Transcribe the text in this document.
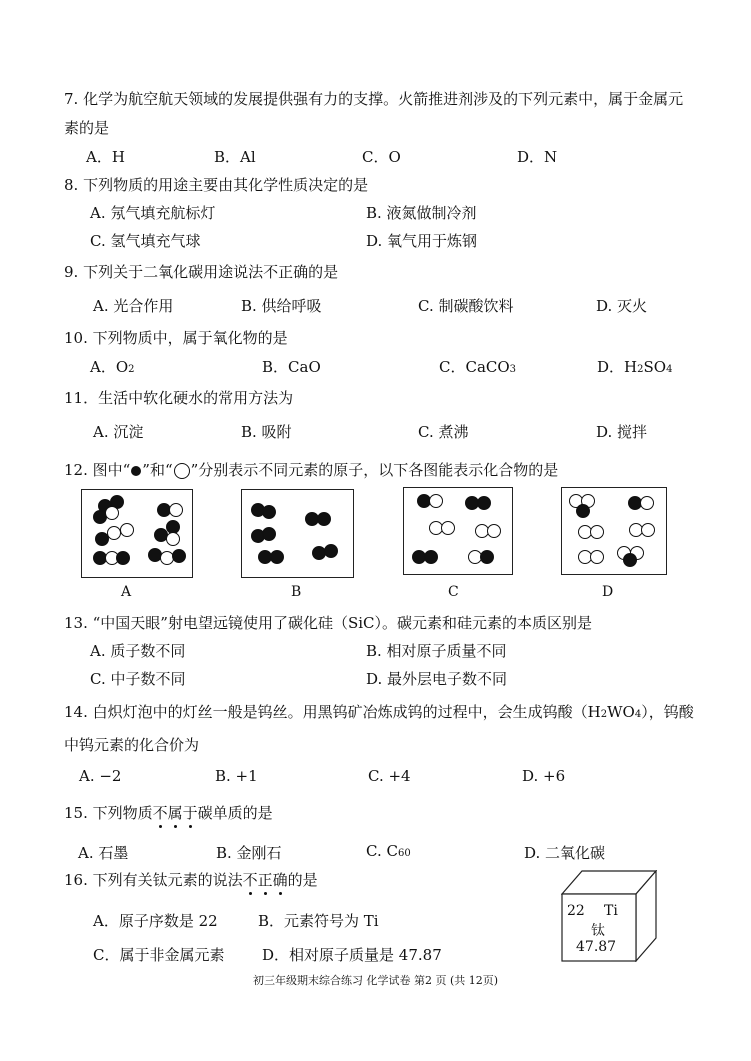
7. 化学为航空航天领域的发展提供强有力的支撑。火箭推进剂涉及的下列元素中，属于金属元
素的是
A．H	B．Al	C．O	D．N
8. 下列物质的用途主要由其化学性质决定的是
A. 氖气填充航标灯	B. 液氮做制冷剂
C. 氢气填充气球	D. 氧气用于炼钢
9. 下列关于二氧化碳用途说法不正确的是
A. 光合作用	B. 供给呼吸	C. 制碳酸饮料	D. 灭火
10. 下列物质中，属于氧化物的是
A．O2	B．CaO	C．CaCO3	D．H2SO4
11．生活中软化硬水的常用方法为
A. 沉淀	B. 吸附	C. 煮沸	D. 搅拌
12. 图中“ ”和“ ”分别表示不同元素的原子，以下各图能表示化合物的是
A	B	C	D
13. “中国天眼”射电望远镜使用了碳化硅（SiC）。碳元素和硅元素的本质区别是
A. 质子数不同	B. 相对原子质量不同
C. 中子数不同	D. 最外层电子数不同
14. 白炽灯泡中的灯丝一般是钨丝。用黑钨矿冶炼成钨的过程中，会生成钨酸（H2WO4），钨酸
中钨元素的化合价为
A. −2	B. +1	C. +4	D. +6
15. 下列物质不属于碳单质的是
A. 石墨	B. 金刚石	C. C60	D. 二氧化碳
16. 下列有关钛元素的说法不正确的是
A．原子序数是 22	B．元素符号为 Ti
C．属于非金属元素	D．相对原子质量是 47.87
22 Ti
钛
47.87
初三年级期末综合练习 化学试卷 第2 页 (共 12页)
